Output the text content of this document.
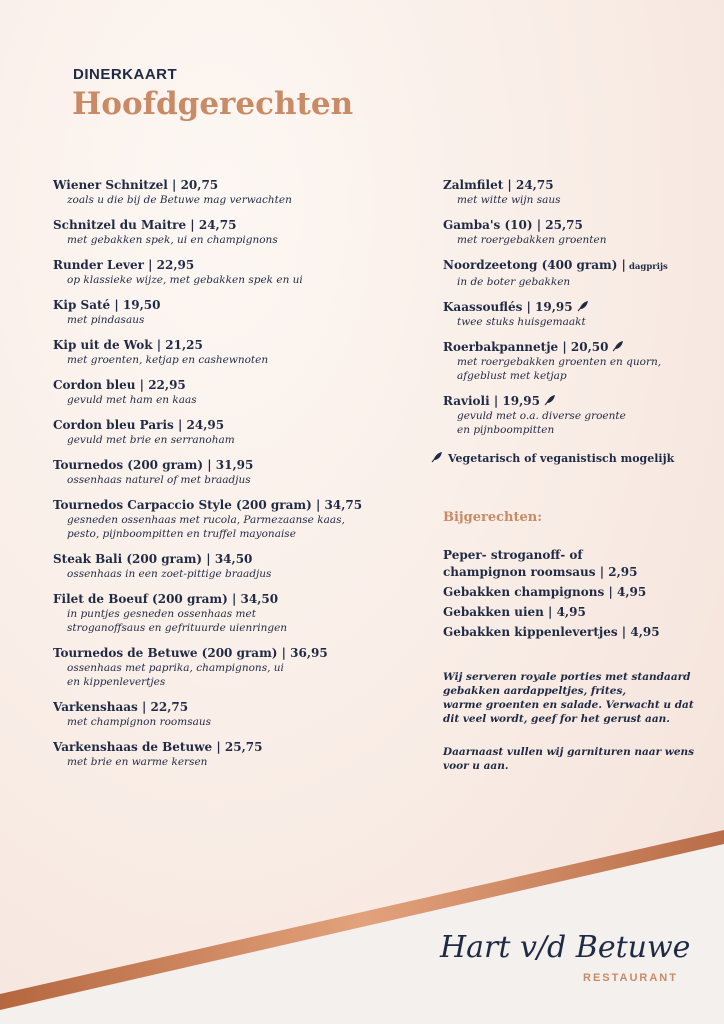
DINERKAART
Hoofdgerechten
Wiener Schnitzel | 20,75
zoals u die bij de Betuwe mag verwachten
Schnitzel du Maitre | 24,75
met gebakken spek, ui en champignons
Runder Lever | 22,95
op klassieke wijze, met gebakken spek en ui
Kip Saté | 19,50
met pindasaus
Kip uit de Wok | 21,25
met groenten, ketjap en cashewnoten
Cordon bleu | 22,95
gevuld met ham en kaas
Cordon bleu Paris | 24,95
gevuld met brie en serranoham
Tournedos (200 gram) | 31,95
ossenhaas naturel of met braadjus
Tournedos Carpaccio Style (200 gram) | 34,75
gesneden ossenhaas met rucola, Parmezaanse kaas,
pesto, pijnboompitten en truffel mayonaise
Steak Bali (200 gram) | 34,50
ossenhaas in een zoet-pittige braadjus
Filet de Boeuf (200 gram) | 34,50
in puntjes gesneden ossenhaas met
stroganoffsaus en gefrituurde uienringen
Tournedos de Betuwe (200 gram) | 36,95
ossenhaas met paprika, champignons, ui
en kippenlevertjes
Varkenshaas | 22,75
met champignon roomsaus
Varkenshaas de Betuwe | 25,75
met brie en warme kersen
Zalmfilet | 24,75
met witte wijn saus
Gamba's (10) | 25,75
met roergebakken groenten
Noordzeetong (400 gram) | dagprijs
in de boter gebakken
Kaassouflés | 19,95
twee stuks huisgemaakt
Roerbakpannetje | 20,50
met roergebakken groenten en quorn,
afgeblust met ketjap
Ravioli | 19,95
gevuld met o.a. diverse groente
en pijnboompitten
Vegetarisch of veganistisch mogelijk
Bijgerechten:
Peper- stroganoff- of
champignon roomsaus | 2,95
Gebakken champignons | 4,95
Gebakken uien | 4,95
Gebakken kippenlevertjes | 4,95
Wij serveren royale porties met standaard
gebakken aardappeltjes, frites,
warme groenten en salade. Verwacht u dat
dit veel wordt, geef for het gerust aan.
Daarnaast vullen wij garnituren naar wens
voor u aan.
Hart v/d Betuwe
RESTAURANT
